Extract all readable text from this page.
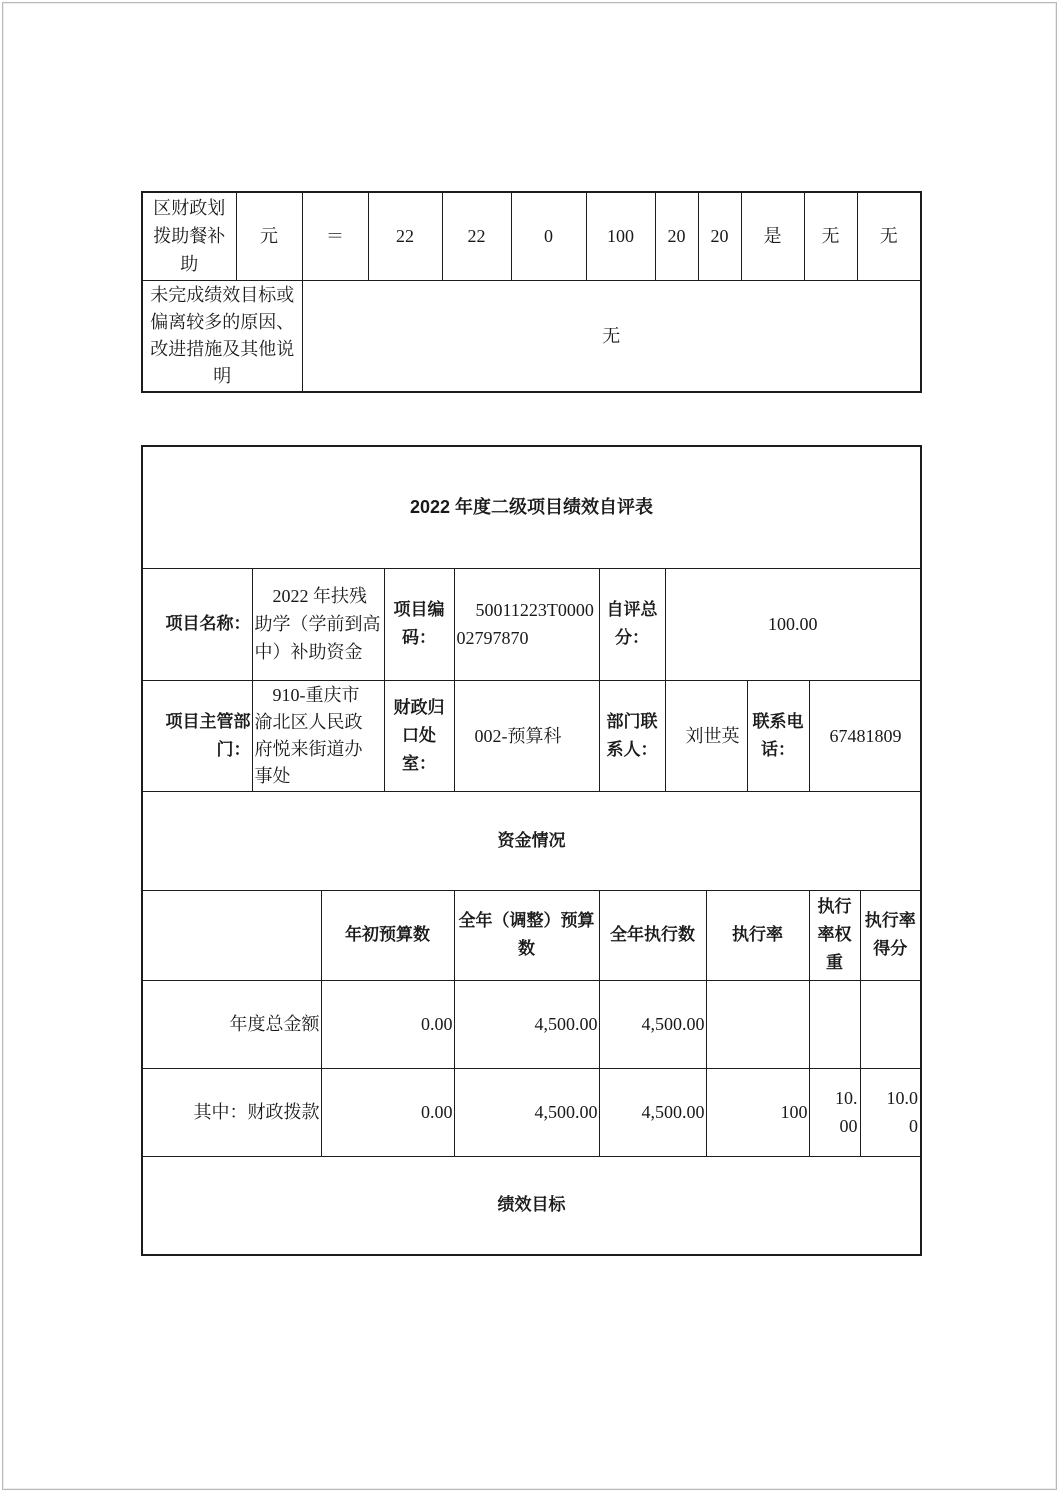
区财政划拨助餐补助	元	＝	22	22	0	100	20	20	是	无	无
未完成绩效目标或偏离较多的原因、改进措施及其他说明		无									
2022 年度二级项目绩效自评表										
项目名称：	2022 年扶残助学（学前到高中）补助资金		项目编码：	50011223T000002797870	自评总分：	100.00				
项目主管部门：	910-重庆市渝北区人民政府悦来街道办事处		财政归口处室：	002-预算科	部门联系人：	刘世英		联系电话：	67481809	
资金情况										
		年初预算数		全年（调整）预算数	全年执行数		执行率		执行率权重	执行率得分
年度总金额		0.00		4,500.00	4,500.00					
其中：财政拨款		0.00		4,500.00	4,500.00		100		10.00	10.00
绩效目标										
